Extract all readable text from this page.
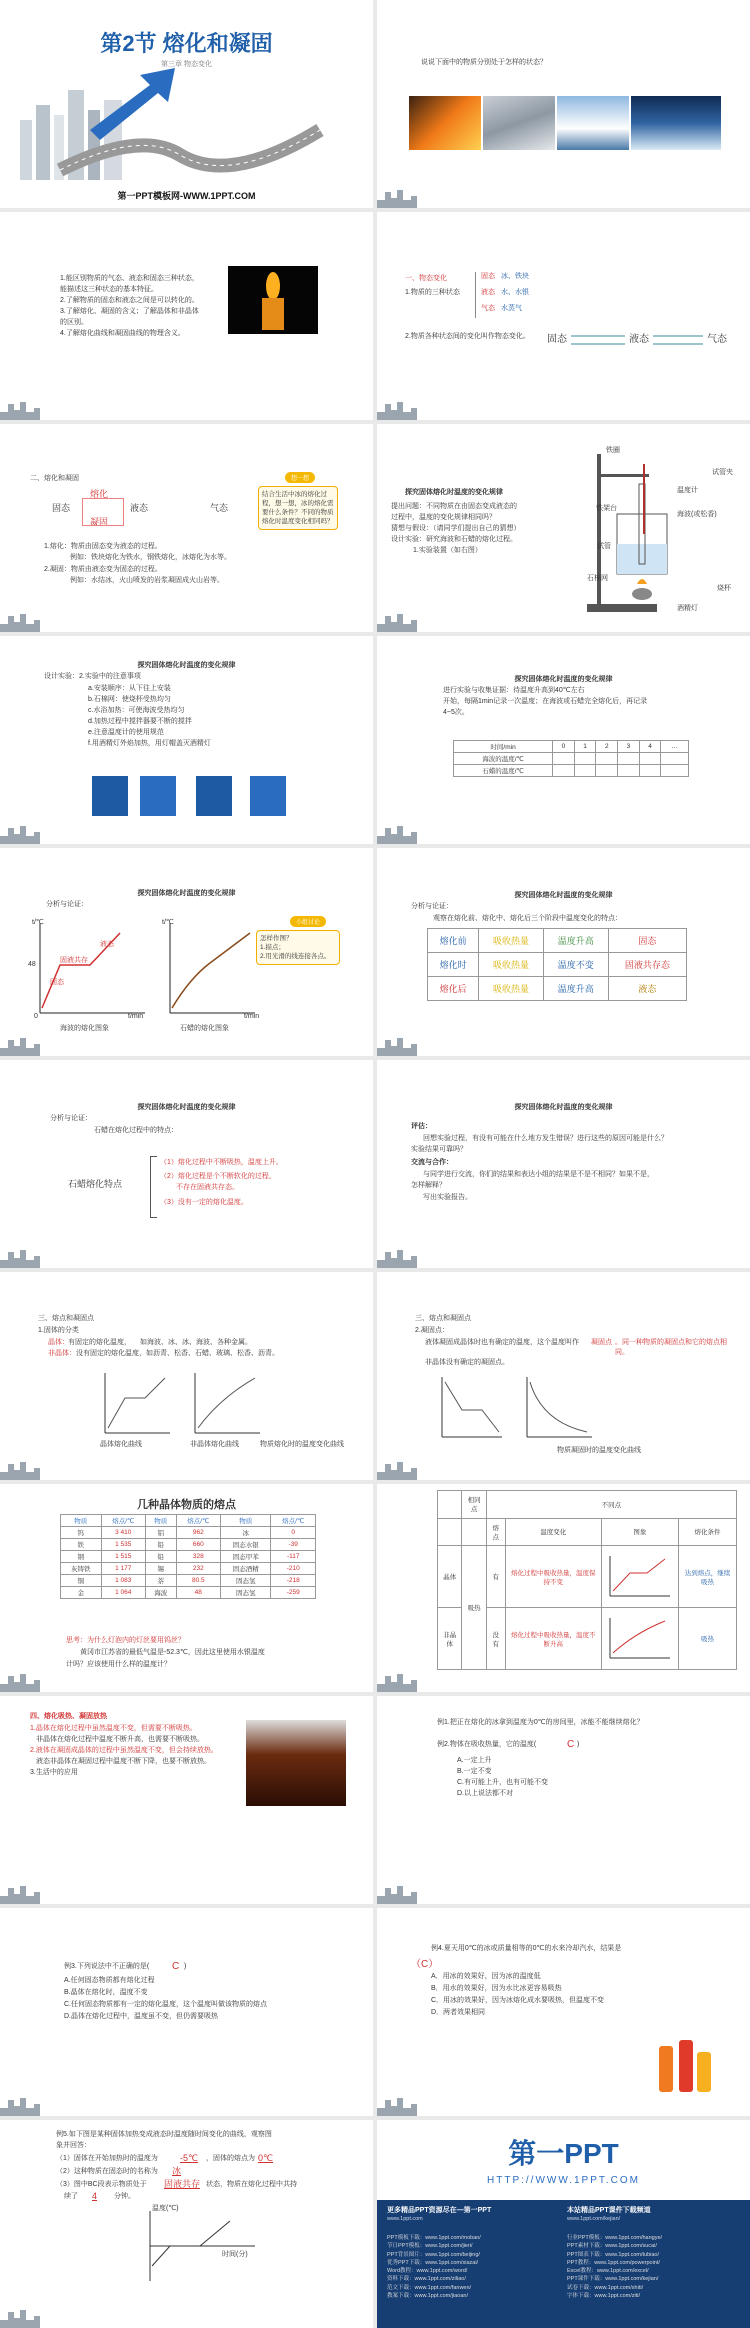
第2节 熔化和凝固
第三章 物态变化
第一PPT模板网-WWW.1PPT.COM
说说下面中的物质分别处于怎样的状态？
1.能区别物质的气态、液态和固态三种状态，
能描述这三种状态的基本特征。
2.了解物质的固态和液态之间是可以转化的。
3.了解熔化、凝固的含义；了解晶体和非晶体
的区别。
4.了解熔化曲线和凝固曲线的物理含义。
一、物态变化
1.物质的三种状态
固态 冰、铁块
液态 水、水银
气态 水蒸气
2.物质各种状态间的变化叫作物态变化。 固态	液态	气态
二、熔化和凝固
熔化
凝固
固态	液态	气态
想一想
结合生活中冰的熔化过程，想一想，冰的熔化需要什么条件？不同的物质熔化时温度变化相同吗？
1.熔化：物质由固态变为液态的过程。
例如：铁块熔化为铁水，钢铁熔化，冰熔化为水等。
2.凝固：物质由液态变为固态的过程。
例如：水结冰，火山喷发的岩浆凝固成火山岩等。
探究固体熔化时温度的变化规律
提出问题：不同物质在由固态变成液态的
过程中，温度的变化规律相同吗？
猜想与假设：（请同学们提出自己的猜想）
设计实验：研究海波和石蜡的熔化过程。
1.实验装置（如右图）
铁圈
试管夹
铁架台
温度计
试管
海波(或松香)
石棉网
烧杯
酒精灯
探究固体熔化时温度的变化规律
设计实验：2.实验中的注意事项
a.安装顺序：从下往上安装
b.石棉网：使烧杯受热均匀
c.水浴加热：可使海波受热均匀
d.加热过程中搅拌器要不断的搅拌
e.注意温度计的使用规范
f.用酒精灯外焰加热，用灯帽盖灭酒精灯
探究固体熔化时温度的变化规律
进行实验与收集证据：待温度升高到40℃左右
开始，每隔1min记录一次温度；在海波或石蜡完全熔化后，再记录
4~5次。
时间/min	0	1	2	3	4	…
海波的温度/℃						
石蜡的温度/℃						
探究固体熔化时温度的变化规律
分析与论证：
t/℃
48
0	t/min
固液共存
固态
液态
海波的熔化图象
t/℃
t/min
石蜡的熔化图象
小组讨论
怎样作图？
1.描点；
2.用光滑的线连接各点。
探究固体熔化时温度的变化规律
分析与论证：
观察在熔化前、熔化中、熔化后三个阶段中温度变化的特点：
熔化前	吸收热量	温度升高	固态
熔化时	吸收热量	温度不变	固液共存态
熔化后	吸收热量	温度升高	液态
探究固体熔化时温度的变化规律
分析与论证：
石蜡在熔化过程中的特点：
石蜡熔化特点
（1）熔化过程中不断吸热，温度上升。
（2）熔化过程是个不断软化的过程，
不存在固液共存态。
（3）没有一定的熔化温度。
探究固体熔化时温度的变化规律
评估：
回想实验过程，有没有可能在什么地方发生错误？进行这些的原因可能是什么？
实验结果可靠吗？
交流与合作：
与同学进行交流，你们的结果和表达小组的结果是不是不相同？如果不是，
怎样解释？
写出实验报告。
三、熔点和凝固点
1.固体的分类
晶体： 有固定的熔化温度， 如海波、冰、冰、海波、各种金属。
非晶体： 没有固定的熔化温度，如沥青、松香、石蜡、玻璃、松香、沥青。
晶体熔化曲线	非晶体熔化曲线	物质熔化时的温度变化曲线
三、熔点和凝固点
2.凝固点：
液体凝固成晶体时也有确定的温度，这个温度叫作 凝固点 。同一种物质的凝固点和它的熔点相同。
非晶体没有确定的凝固点。
物质凝固时的温度变化曲线
几种晶体物质的熔点
物质	熔点/℃	物质	熔点/℃	物质	熔点/℃
钨	3 410	铝	962	冰	0
铁	1 535	铅	660	固态水银	-39
钢	1 515	铅	328	固态甲苯	-117
灰铸铁	1 177	锡	232	固态酒精	-210
铜	1 083	萘	80.5	固态氢	-218
金	1 064	海波	48	固态氢	-259
思考：为什么灯泡内的灯丝要用钨丝？
黄冈市江苏省的最低气温是-52.3℃，因此这里使用水银温度
计吗？应该使用什么样的温度计？
	相同点	不同点			
		熔点	温度变化	图象	熔化条件
晶体	吸热	有	熔化过程中吸收热量，温度保持不变		达到熔点，继续吸热
非晶体		没有	熔化过程中吸收热量，温度不断升高		吸热
四、熔化吸热、凝固放热
1.晶体在熔化过程中虽然温度不变，但需要不断吸热。
非晶体在熔化过程中温度不断升高，也需要不断吸热。
2.液体在凝固成晶体的过程中虽然温度不变，但会持续放热。
液态非晶体在凝固过程中温度不断下降，也要不断放热。
3.生活中的应用
例1.把正在熔化的冰拿到温度为0℃的房间里，冰能不能继续熔化？
例2.物体在吸收热量，它的温度(	C )
A.一定上升
B.一定不变
C.有可能上升，也有可能不变
D.以上说法都不对
例3.下列说法中不正确的是( C )
A.任何固态物质都有熔化过程
B.晶体在熔化时，温度不变
C.任何固态物质都有一定的熔化温度，这个温度叫做该物质的熔点
D.晶体在熔化过程中，温度虽不变，但仍需要吸热
例4.夏天用0℃的冰或质量相等的0℃的水来冷却汽水，结果是
（C）
A．用冰的效果好，因为冰的温度低
B．用水的效果好，因为水比冰更容易吸热
C．用冰的效果好，因为冰熔化成水要吸热，但温度不变
D．两者效果相同
例5.如下图是某种固体加热变成液态时温度随时间变化的曲线，观察图
象并回答：
（1）固体在开始加热时的温度为 -5℃ ，固体的熔点为 0℃
（2）这种物质在固态时的名称为 冰
（3）图中BC段表示物质处于 固液共存 状态，物质在熔化过程中共持
续了 4 分钟。
温度(℃)
时间(分)
第一PPT
HTTP://WWW.1PPT.COM
更多精品PPT资源尽在—第一PPT
www.1ppt.com
本站精品PPT课件下载频道
www.1ppt.com/kejian/
PPT模板下载：www.1ppt.com/moban/
节日PPT模板：www.1ppt.com/jieri/
PPT背景图片：www.1ppt.com/beijing/
优秀PPT下载：www.1ppt.com/xiazai/
Word教程：www.1ppt.com/word/
资料下载：www.1ppt.com/ziliao/
范文下载：www.1ppt.com/fanwen/
教案下载：www.1ppt.com/jiaoan/
行业PPT模板：www.1ppt.com/hangye/
PPT素材下载：www.1ppt.com/sucai/
PPT图表下载：www.1ppt.com/tubiao/
PPT教程：www.1ppt.com/powerpoint/
Excel教程：www.1ppt.com/excel/
PPT课件下载：www.1ppt.com/kejian/
试卷下载：www.1ppt.com/shiti/
字体下载：www.1ppt.com/ziti/
